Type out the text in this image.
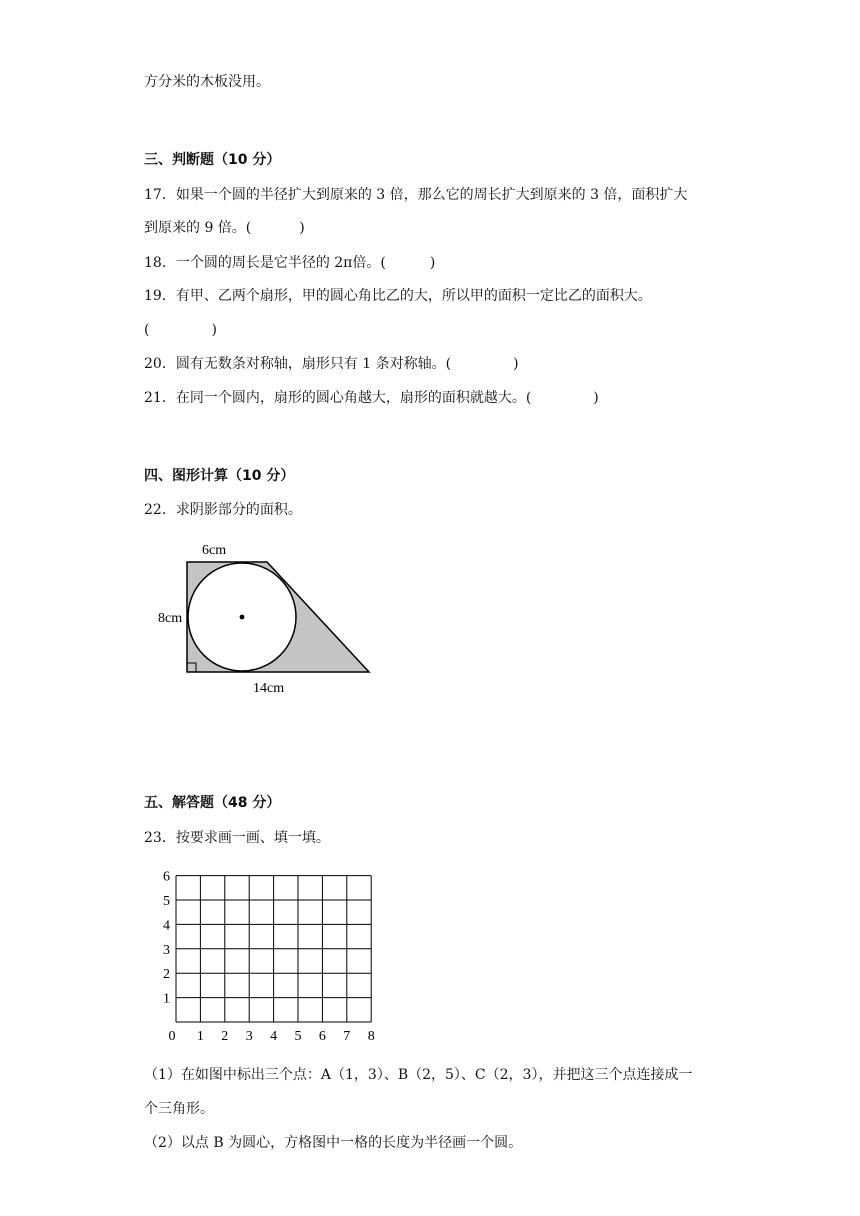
方分米的木板没用。
三、判断题（10 分）
17．如果一个圆的半径扩大到原来的 3 倍，那么它的周长扩大到原来的 3 倍，面积扩大
到原来的 9 倍。(	)
18．一个圆的周长是它半径的 2π倍。(	)
19．有甲、乙两个扇形，甲的圆心角比乙的大，所以甲的面积一定比乙的面积大。
(	)
20．圆有无数条对称轴，扇形只有 1 条对称轴。(	)
21．在同一个圆内，扇形的圆心角越大，扇形的面积就越大。(	)
四、图形计算（10 分）
22．求阴影部分的面积。
6cm
8cm
14cm
五、解答题（48 分）
23．按要求画一画、填一填。
0 1 2 3 4 5 6 7 8
1
2
3
4
5
6
（1）在如图中标出三个点：A（1，3）、B（2，5）、C（2，3），并把这三个点连接成一
个三角形。
（2）以点 B 为圆心，方格图中一格的长度为半径画一个圆。
